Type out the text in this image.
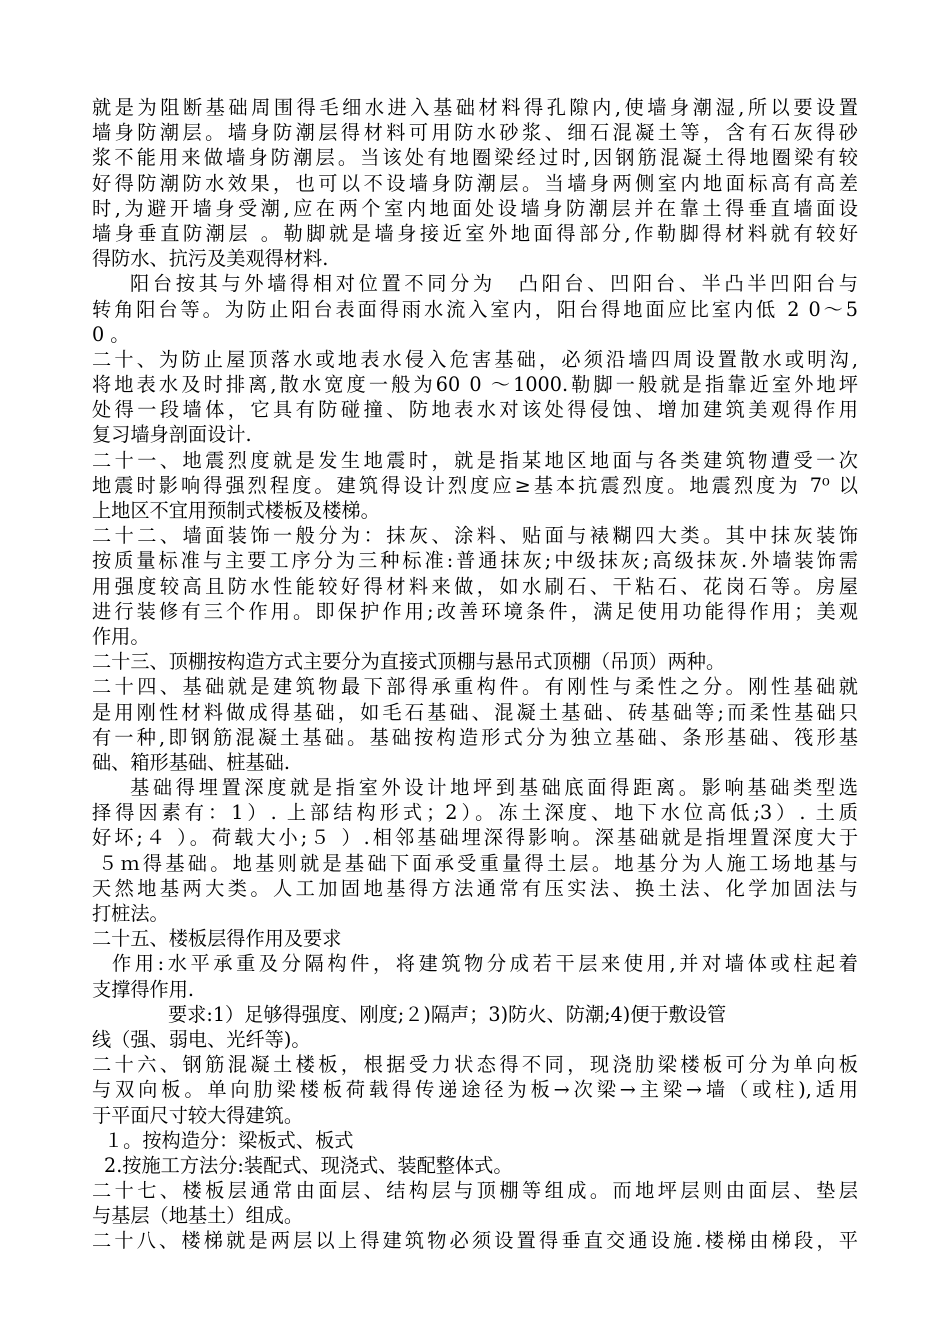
就是为阻断基础周围得毛细水进入基础材料得孔隙内,使墙身潮湿,所以要设置
墙身防潮层。墙身防潮层得材料可用防水砂浆、细石混凝土等，含有石灰得砂
浆不能用来做墙身防潮层。当该处有地圈梁经过时,因钢筋混凝土得地圈梁有较
好得防潮防水效果，也可以不设墙身防潮层。当墙身两侧室内地面标高有高差
时,为避开墙身受潮,应在两个室内地面处设墙身防潮层并在靠土得垂直墙面设
墙身垂直防潮层 。勒脚就是墙身接近室外地面得部分,作勒脚得材料就有较好
得防水、抗污及美观得材料.
阳台按其与外墙得相对位置不同分为　凸阳台、凹阳台、半凸半凹阳台与
转角阳台等。为防止阳台表面得雨水流入室内，阳台得地面应比室内低 2 0～5
0 。
二十、为防止屋顶落水或地表水侵入危害基础，必须沿墙四周设置散水或明沟,
将地表水及时排离,散水宽度一般为60 0 ～1000.勒脚一般就是指靠近室外地坪
处得一段墙体，它具有防碰撞、防地表水对该处得侵蚀、增加建筑美观得作用
复习墙身剖面设计.
二十一、地震烈度就是发生地震时，就是指某地区地面与各类建筑物遭受一次
地震时影响得强烈程度。建筑得设计烈度应≥基本抗震烈度。地震烈度为 7⁰ 以
上地区不宜用预制式楼板及楼梯。
二十二、墙面装饰一般分为：抹灰、涂料、贴面与裱糊四大类。其中抹灰装饰
按质量标准与主要工序分为三种标准:普通抹灰;中级抹灰;高级抹灰.外墙装饰需
用强度较高且防水性能较好得材料来做，如水刷石、干粘石、花岗石等。房屋
进行装修有三个作用。即保护作用;改善环境条件，满足使用功能得作用；美观
作用。
二十三、顶棚按构造方式主要分为直接式顶棚与悬吊式顶棚（吊顶）两种。
二十四、基础就是建筑物最下部得承重构件。有刚性与柔性之分。刚性基础就
是用刚性材料做成得基础，如毛石基础、混凝土基础、砖基础等;而柔性基础只
有一种,即钢筋混凝土基础。基础按构造形式分为独立基础、条形基础、筏形基
础、箱形基础、桩基础.
基础得埋置深度就是指室外设计地坪到基础底面得距离。影响基础类型选
择得因素有：1）. 上部结构形式；2）。冻土深度、地下水位高低;3）. 土质
好坏;４ ）。荷载大小;５ ）.相邻基础埋深得影响。深基础就是指埋置深度大于
５ｍ得基础。地基则就是基础下面承受重量得土层。地基分为人施工场地基与
天然地基两大类。人工加固地基得方法通常有压实法、换土法、化学加固法与
打桩法。
二十五、楼板层得作用及要求
作用:水平承重及分隔构件，将建筑物分成若干层来使用,并对墙体或柱起着
支撑得作用.
要求:1）足够得强度、刚度;２)隔声；3)防火、防潮;4)便于敷设管
线（强、弱电、光纤等)。
二十六、钢筋混凝土楼板，根据受力状态得不同，现浇肋梁楼板可分为单向板
与双向板。单向肋梁楼板荷载得传递途径为板→次梁→主梁→墙（或柱),适用
于平面尺寸较大得建筑。
１。按构造分：梁板式、板式
2.按施工方法分:装配式、现浇式、装配整体式。
二十七、楼板层通常由面层、结构层与顶棚等组成。而地坪层则由面层、垫层
与基层（地基土）组成。
二十八、楼梯就是两层以上得建筑物必须设置得垂直交通设施.楼梯由梯段，平
